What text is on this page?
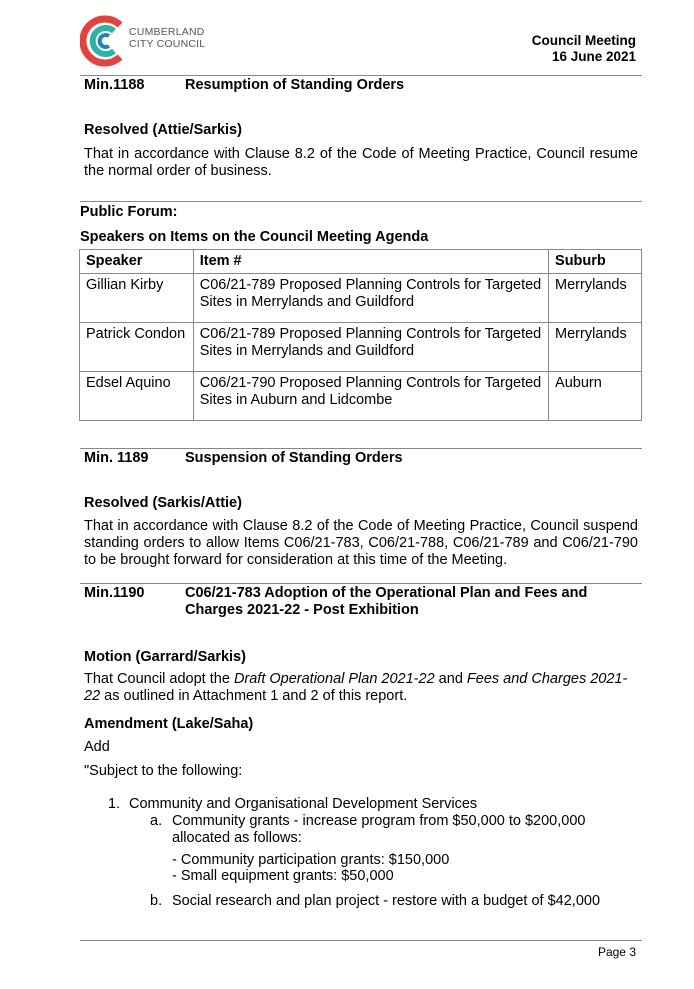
CUMBERLAND
CITY COUNCIL	Council Meeting
16 June 2021
Min.1188	Resumption of Standing Orders
Resolved (Attie/Sarkis)
That in accordance with Clause 8.2 of the Code of Meeting Practice, Council resume the normal order of business.
Public Forum:
Speakers on Items on the Council Meeting Agenda
Speaker	Item #	Suburb
Gillian Kirby	C06/21-789 Proposed Planning Controls for Targeted Sites in Merrylands and Guildford	Merrylands
Patrick Condon	C06/21-789 Proposed Planning Controls for Targeted Sites in Merrylands and Guildford	Merrylands
Edsel Aquino	C06/21-790 Proposed Planning Controls for Targeted Sites in Auburn and Lidcombe	Auburn
Min. 1189	Suspension of Standing Orders
Resolved (Sarkis/Attie)
That in accordance with Clause 8.2 of the Code of Meeting Practice, Council suspend standing orders to allow Items C06/21-783, C06/21-788, C06/21-789 and C06/21-790 to be brought forward for consideration at this time of the Meeting.
Min.1190	C06/21-783 Adoption of the Operational Plan and Fees and Charges 2021-22 - Post Exhibition
Motion (Garrard/Sarkis)
That Council adopt the Draft Operational Plan 2021-22 and Fees and Charges 2021-22 as outlined in Attachment 1 and 2 of this report.
Amendment (Lake/Saha)
Add
"Subject to the following:
1. Community and Organisational Development Services
a. Community grants - increase program from $50,000 to $200,000 allocated as follows:
- Community participation grants: $150,000
- Small equipment grants: $50,000
b. Social research and plan project - restore with a budget of $42,000
Page 3
